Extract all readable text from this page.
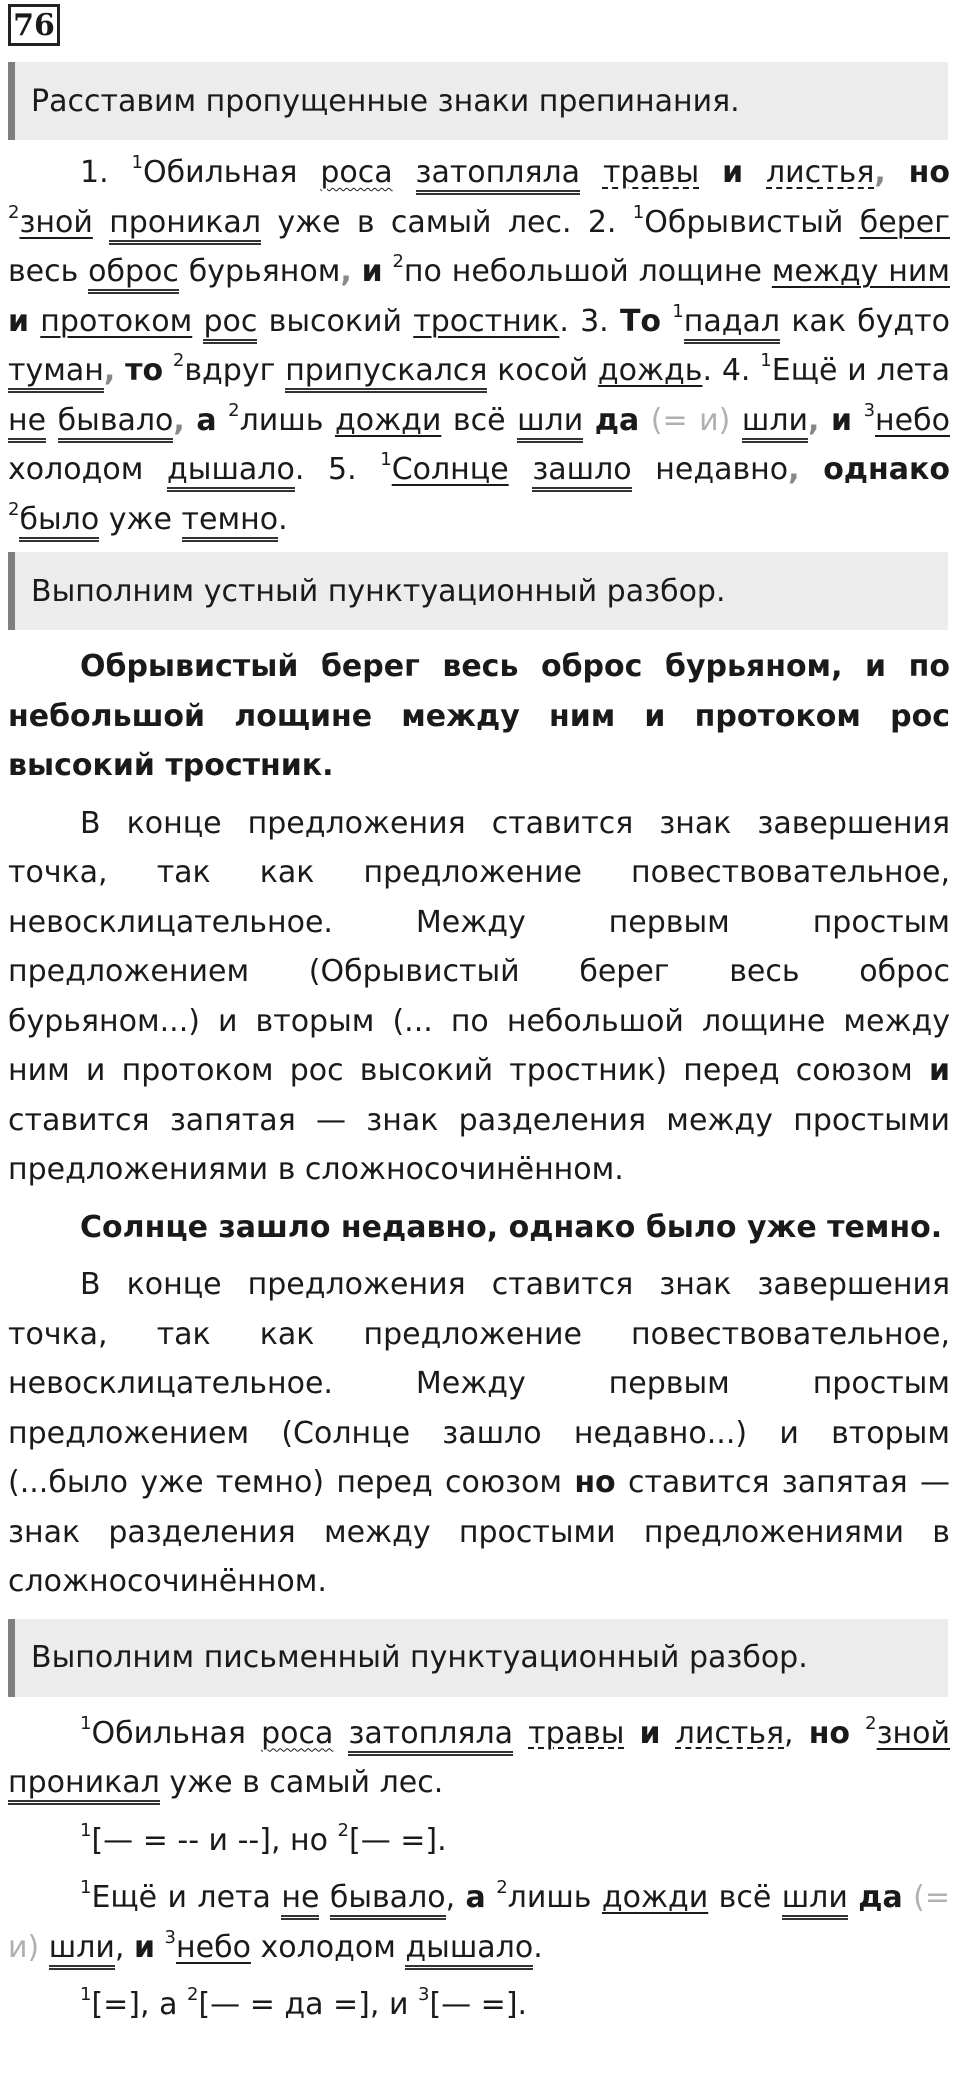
76
Расставим пропущенные знаки препинания.

1. $^1$Обильная роса затопляла травы и листья, но $^2$зной проникал уже в самый лес. 2. $^1$Обрывистый берег весь оброс бурьяном, и $^2$по небольшой лощине между ним и протоком рос высокий тростник. 3. То $^1$падал как будто туман, то $^2$вдруг припускался косой дождь. 4. $^1$Ещё и лета не бывало, а $^2$лишь дожди всё шли да (= и) шли, и $^3$небо холодом дышало. 5. $^1$Солнце зашло недавно, однако $^2$было уже темно.

Выполним устный пунктуационный разбор.

Обрывистый берег весь оброс бурьяном, и по небольшой лощине между ним и протоком рос высокий тростник.

В конце предложения ставится знак завершения точка, так как предложение повествовательное, невосклицательное. Между первым простым предложением (Обрывистый берег весь оброс бурьяном...) и вторым (... по небольшой лощине между ним и протоком рос высокий тростник) перед союзом и ставится запятая — знак разделения между простыми предложениями в сложносочинённом.

Солнце зашло недавно, однако было уже темно.

В конце предложения ставится знак завершения точка, так как предложение повествовательное, невосклицательное. Между первым простым предложением (Солнце зашло недавно...) и вторым (...было уже темно) перед союзом но ставится запятая — знак разделения между простыми предложениями в сложносочинённом.

Выполним письменный пунктуационный разбор.

$^1$Обильная роса затопляла травы и листья, но $^2$зной проникал уже в самый лес.

$^1$[— = -- и --], но $^2$[— =].

$^1$Ещё и лета не бывало, а $^2$лишь дожди всё шли да (= и) шли, и $^3$небо холодом дышало.

$^1$[=], а $^2$[— = да =], и $^3$[— =].
